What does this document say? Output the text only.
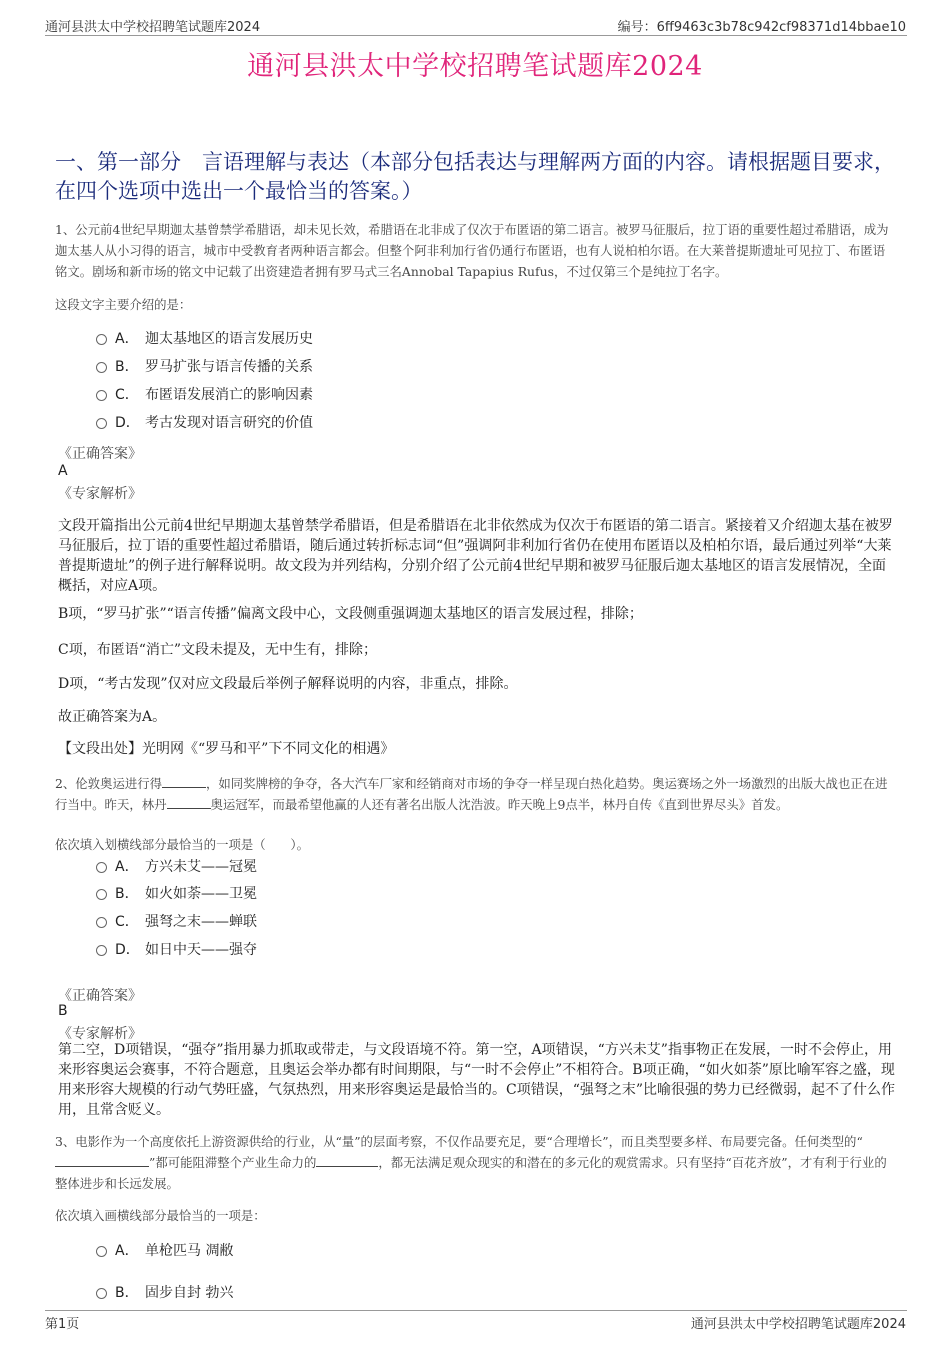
通河县洪太中学校招聘笔试题库2024	编号：6ff9463c3b78c942cf98371d14bbae10
通河县洪太中学校招聘笔试题库2024
一、第一部分　言语理解与表达（本部分包括表达与理解两方面的内容。请根据题目要求，在四个选项中选出一个最恰当的答案。）
1、公元前4世纪早期迦太基曾禁学希腊语，却未见长效，希腊语在北非成了仅次于布匿语的第二语言。被罗马征服后，拉丁语的重要性超过希腊语，成为迦太基人从小习得的语言，城市中受教育者两种语言都会。但整个阿非利加行省仍通行布匿语，也有人说柏柏尔语。在大莱普提斯遗址可见拉丁、布匿语铭文。剧场和新市场的铭文中记载了出资建造者拥有罗马式三名Annobal Tapapius Rufus，不过仅第三个是纯拉丁名字。
这段文字主要介绍的是：
A． 迦太基地区的语言发展历史
B． 罗马扩张与语言传播的关系
C． 布匿语发展消亡的影响因素
D． 考古发现对语言研究的价值
《正确答案》
A
《专家解析》
文段开篇指出公元前4世纪早期迦太基曾禁学希腊语，但是希腊语在北非依然成为仅次于布匿语的第二语言。紧接着又介绍迦太基在被罗马征服后，拉丁语的重要性超过希腊语，随后通过转折标志词“但”强调阿非利加行省仍在使用布匿语以及柏柏尔语，最后通过列举“大莱普提斯遗址”的例子进行解释说明。故文段为并列结构，分别介绍了公元前4世纪早期和被罗马征服后迦太基地区的语言发展情况，全面概括，对应A项。
B项，“罗马扩张”“语言传播”偏离文段中心，文段侧重强调迦太基地区的语言发展过程，排除；
C项，布匿语“消亡”文段未提及，无中生有，排除；
D项，“考古发现”仅对应文段最后举例子解释说明的内容，非重点，排除。
故正确答案为A。
【文段出处】光明网《“罗马和平”下不同文化的相遇》
2、伦敦奥运进行得	，如同奖牌榜的争夺，各大汽车厂家和经销商对市场的争夺一样呈现白热化趋势。奥运赛场之外一场激烈的出版大战也正在进行当中。昨天，林丹	奥运冠军，而最希望他赢的人还有著名出版人沈浩波。昨天晚上9点半，林丹自传《直到世界尽头》首发。
依次填入划横线部分最恰当的一项是（　　）。
A． 方兴未艾——冠冕
B． 如火如荼——卫冕
C． 强弩之末——蝉联
D． 如日中天——强夺
《正确答案》
B
《专家解析》
第二空，D项错误，“强夺”指用暴力抓取或带走，与文段语境不符。第一空，A项错误，“方兴未艾”指事物正在发展，一时不会停止，用来形容奥运会赛事，不符合题意，且奥运会举办都有时间期限，与“一时不会停止”不相符合。B项正确，“如火如荼”原比喻军容之盛，现用来形容大规模的行动气势旺盛，气氛热烈，用来形容奥运是最恰当的。C项错误，“强弩之末”比喻很强的势力已经微弱，起不了什么作用，且常含贬义。
3、电影作为一个高度依托上游资源供给的行业，从“量”的层面考察，不仅作品要充足，要“合理增长”，而且类型要多样、布局要完备。任何类型的“”都可能阻滞整个产业生命力的	，都无法满足观众现实的和潜在的多元化的观赏需求。只有坚持“百花齐放”，才有利于行业的整体进步和长远发展。
依次填入画横线部分最恰当的一项是：
A． 单枪匹马 凋敝
B． 固步自封 勃兴
第1页	通河县洪太中学校招聘笔试题库2024
